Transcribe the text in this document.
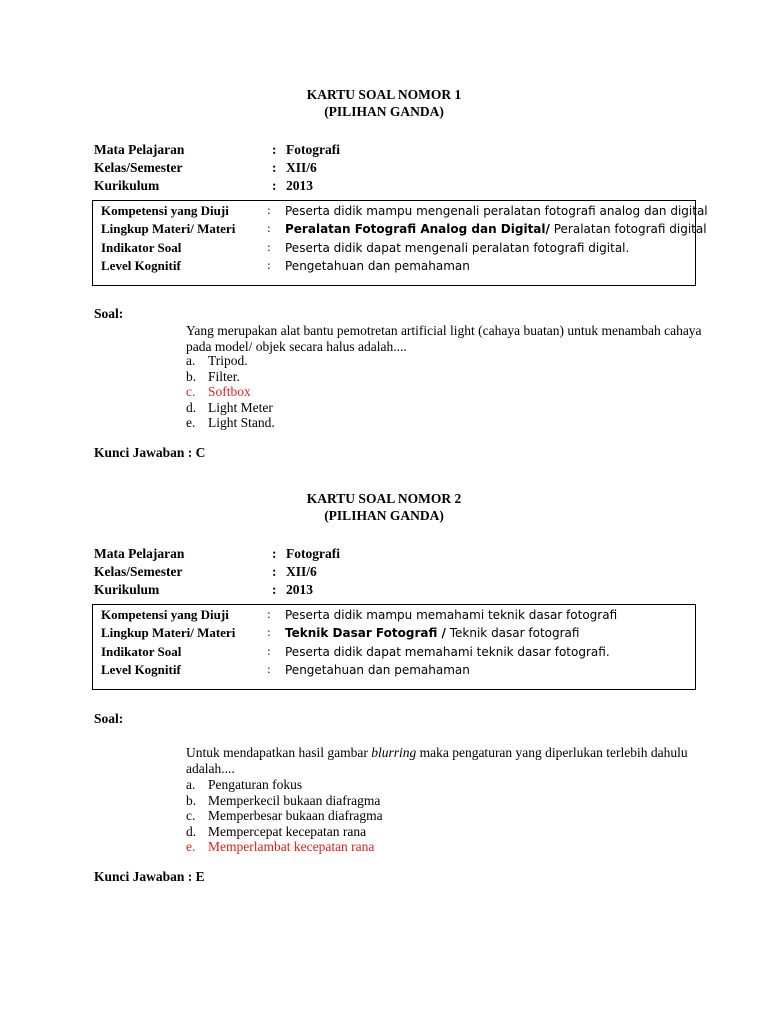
KARTU SOAL NOMOR 1
(PILIHAN GANDA)
Mata Pelajaran	: Fotografi
Kelas/Semester	: XII/6
Kurikulum	: 2013
Kompetensi yang Diuji	: Peserta didik mampu mengenali peralatan fotografi analog dan digital
Lingkup Materi/ Materi	: Peralatan Fotografi Analog dan Digital/ Peralatan fotografi digital
Indikator Soal	: Peserta didik dapat mengenali peralatan fotografi digital.
Level Kognitif	: Pengetahuan dan pemahaman
Soal:
Yang merupakan alat bantu pemotretan artificial light (cahaya buatan) untuk menambah cahaya pada model/ objek secara halus adalah....
a. Tripod.
b. Filter.
c. Softbox
d. Light Meter
e. Light Stand.
Kunci Jawaban : C
KARTU SOAL NOMOR 2
(PILIHAN GANDA)
Mata Pelajaran	: Fotografi
Kelas/Semester	: XII/6
Kurikulum	: 2013
Kompetensi yang Diuji	: Peserta didik mampu memahami teknik dasar fotografi
Lingkup Materi/ Materi	: Teknik Dasar Fotografi / Teknik dasar fotografi
Indikator Soal	: Peserta didik dapat memahami teknik dasar fotografi.
Level Kognitif	: Pengetahuan dan pemahaman
Soal:
Untuk mendapatkan hasil gambar blurring maka pengaturan yang diperlukan terlebih dahulu adalah....
a. Pengaturan fokus
b. Memperkecil bukaan diafragma
c. Memperbesar bukaan diafragma
d. Mempercepat kecepatan rana
e. Memperlambat kecepatan rana
Kunci Jawaban : E
